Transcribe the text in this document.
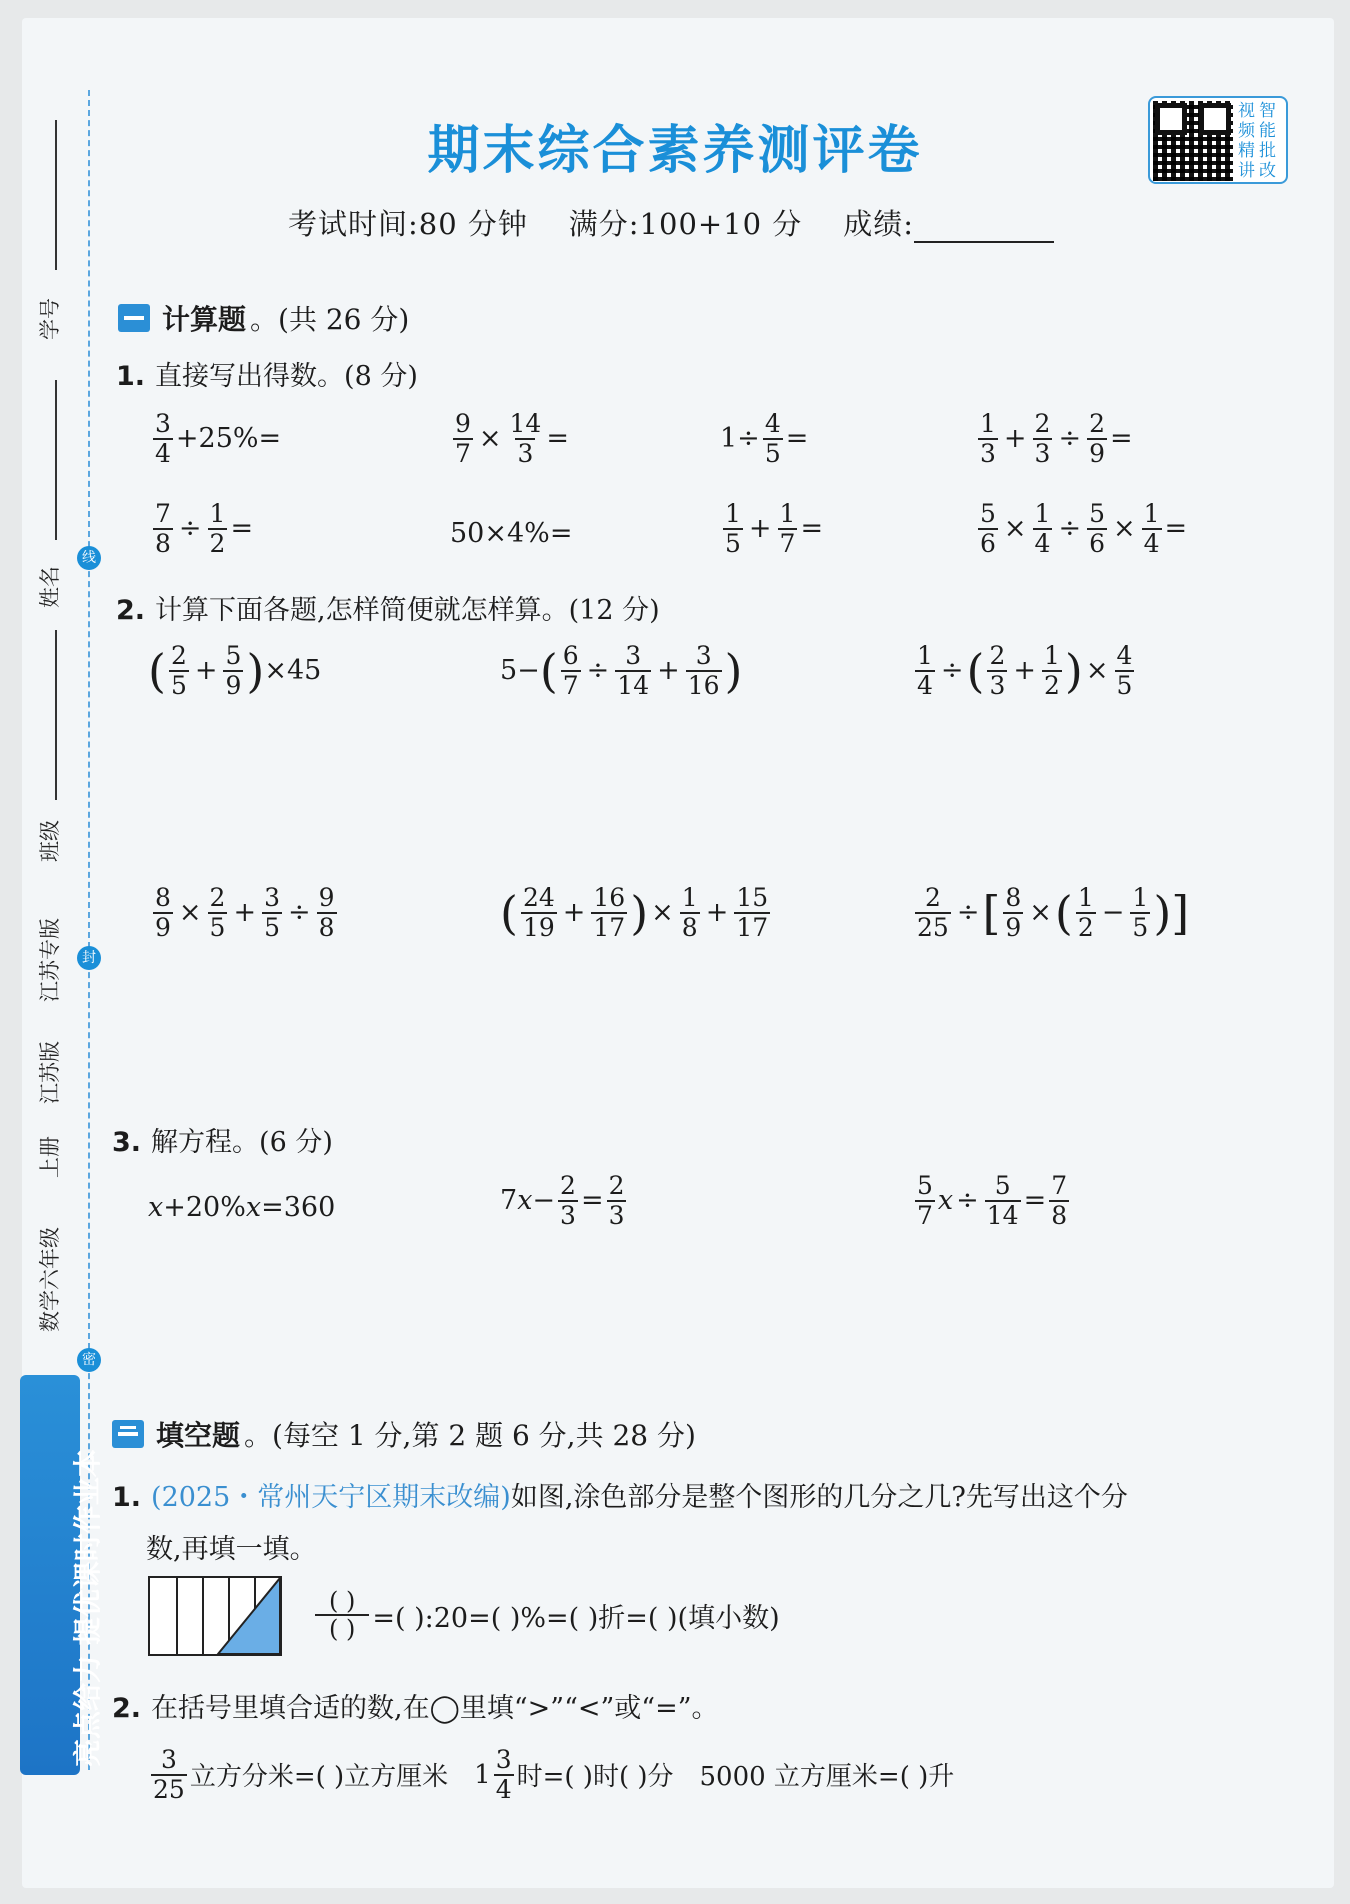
学号
姓名
线
班级
江苏专版	封
江苏版
上册
数学六年级
密
亮点给力 提优课时作业本
期末综合素养测评卷
视 智
频 能
精 批
讲 改
考试时间:80 分钟 满分:100+10 分 成绩:
计算题 。(共 26 分)
1. 直接写出得数。(8 分)
$\frac{3}{4} +25\%=$	$\frac{9}{7} \times \frac{14}{3}$ =	$1\div \frac{4}{5}$ =	$\frac{1}{3} + \frac{2}{3} \div \frac{2}{9}$ =
$\frac{7}{8} \div \frac{1}{2}$ =	50×4%=	$\frac{1}{5} + \frac{1}{7}$ =	$\frac{5}{6} \times \frac{1}{4} \div \frac{5}{6} \times \frac{1}{4}$ =
2. 计算下面各题,怎样简便就怎样算。(12 分)
( $\frac{2}{5} + \frac{5}{9}$ ) ×45	5− ( $\frac{6}{7} \div \frac{3}{14} + \frac{3}{16}$ )	$\frac{1}{4}$ ÷ ( $\frac{2}{3} + \frac{1}{2}$ ) × $\frac{4}{5}$
$\frac{8}{9} \times \frac{2}{5} + \frac{3}{5} \div \frac{9}{8}$	( $\frac{24}{19} + \frac{16}{17}$ ) × $\frac{1}{8} + \frac{15}{17}$	$\frac{2}{25}$ ÷ [ $\frac{8}{9}$ × ( $\frac{1}{2} - \frac{1}{5}$ )]
3. 解方程。(6 分)
x +20% x =360	7 $x - \frac{2}{3} = \frac{2}{3}$	$\frac{5}{7}$ $x \div \frac{5}{14} = \frac{7}{8}$
填空题 。(每空 1 分,第 2 题 6 分,共 28 分)
1. (2025・常州天宁区期末改编)如图,涂色部分是整个图形的几分之几?先写出这个分
数,再填一填。
$\frac{( )}{( )}$ =( ):20=( )%=( )折=( )(填小数)
2. 在括号里填合适的数,在◯里填“>”“<”或“=”。
$\frac{3}{25}$ 立方分米=( )立方厘米 $1 \frac{3}{4}$ 时=( )时( )分 5000 立方厘米=( )升
